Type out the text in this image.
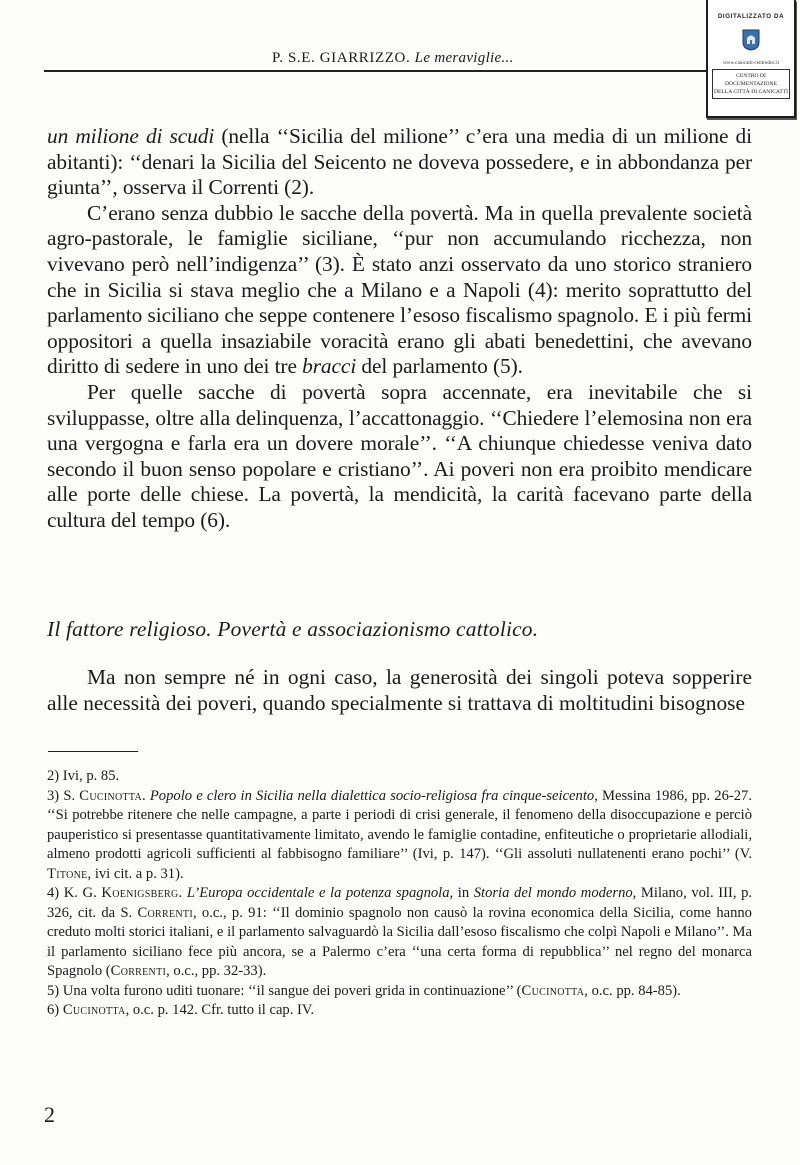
P. S.E. GIARRIZZO. Le meraviglie...
DIGITALIZZATO DA
www.canicatti-centrodoc.it
CENTRO DI DOCUMENTAZIONE
DELLA CITTÀ DI CANICATTÌ

un milione di scudi (nella ‘‘Sicilia del milione’’ c’era una media di un milione di abitanti): ‘‘denari la Sicilia del Seicento ne doveva possedere, e in abbondanza per giunta’’, osserva il Correnti (2).

C’erano senza dubbio le sacche della povertà. Ma in quella prevalente società agro-pastorale, le famiglie siciliane, ‘‘pur non accumulando ricchezza, non vivevano però nell’indigenza’’ (3). È stato anzi osservato da uno storico straniero che in Sicilia si stava meglio che a Milano e a Napoli (4): merito soprattutto del parlamento siciliano che seppe contenere l’esoso fiscalismo spagnolo. E i più fermi oppositori a quella insaziabile voracità erano gli abati benedettini, che avevano diritto di sedere in uno dei tre bracci del parlamento (5).

Per quelle sacche di povertà sopra accennate, era inevitabile che si sviluppasse, oltre alla delinquenza, l’accattonaggio. ‘‘Chiedere l’elemosina non era una vergogna e farla era un dovere morale’’. ‘‘A chiunque chiedesse veniva dato secondo il buon senso popolare e cristiano’’. Ai poveri non era proibito mendicare alle porte delle chiese. La povertà, la mendicità, la carità facevano parte della cultura del tempo (6).

Il fattore religioso. Povertà e associazionismo cattolico.

Ma non sempre né in ogni caso, la generosità dei singoli poteva sopperire alle necessità dei poveri, quando specialmente si trattava di moltitudini bisognose

2) Ivi, p. 85.

3) S. Cucinotta. Popolo e clero in Sicilia nella dialettica socio-religiosa fra cinque-seicento, Messina 1986, pp. 26-27. ‘‘Si potrebbe ritenere che nelle campagne, a parte i periodi di crisi generale, il fenomeno della disoccupazione e perciò pauperistico si presentasse quantitativamente limitato, avendo le famiglie contadine, enfiteutiche o proprietarie allodiali, almeno prodotti agricoli sufficienti al fabbisogno familiare’’ (Ivi, p. 147). ‘‘Gli assoluti nullatenenti erano pochi’’ (V. Titone, ivi cit. a p. 31).

4) K. G. Koenigsberg. L’Europa occidentale e la potenza spagnola, in Storia del mondo moderno, Milano, vol. III, p. 326, cit. da S. Correnti, o.c., p. 91: ‘‘Il dominio spagnolo non causò la rovina economica della Sicilia, come hanno creduto molti storici italiani, e il parlamento salvaguardò la Sicilia dall’esoso fiscalismo che colpì Napoli e Milano’’. Ma il parlamento siciliano fece più ancora, se a Palermo c’era ‘‘una certa forma di repubblica’’ nel regno del monarca Spagnolo (Correnti, o.c., pp. 32-33).

5) Una volta furono uditi tuonare: ‘‘il sangue dei poveri grida in continuazione’’ (Cucinotta, o.c. pp. 84-85).

6) Cucinotta, o.c. p. 142. Cfr. tutto il cap. IV.

2
